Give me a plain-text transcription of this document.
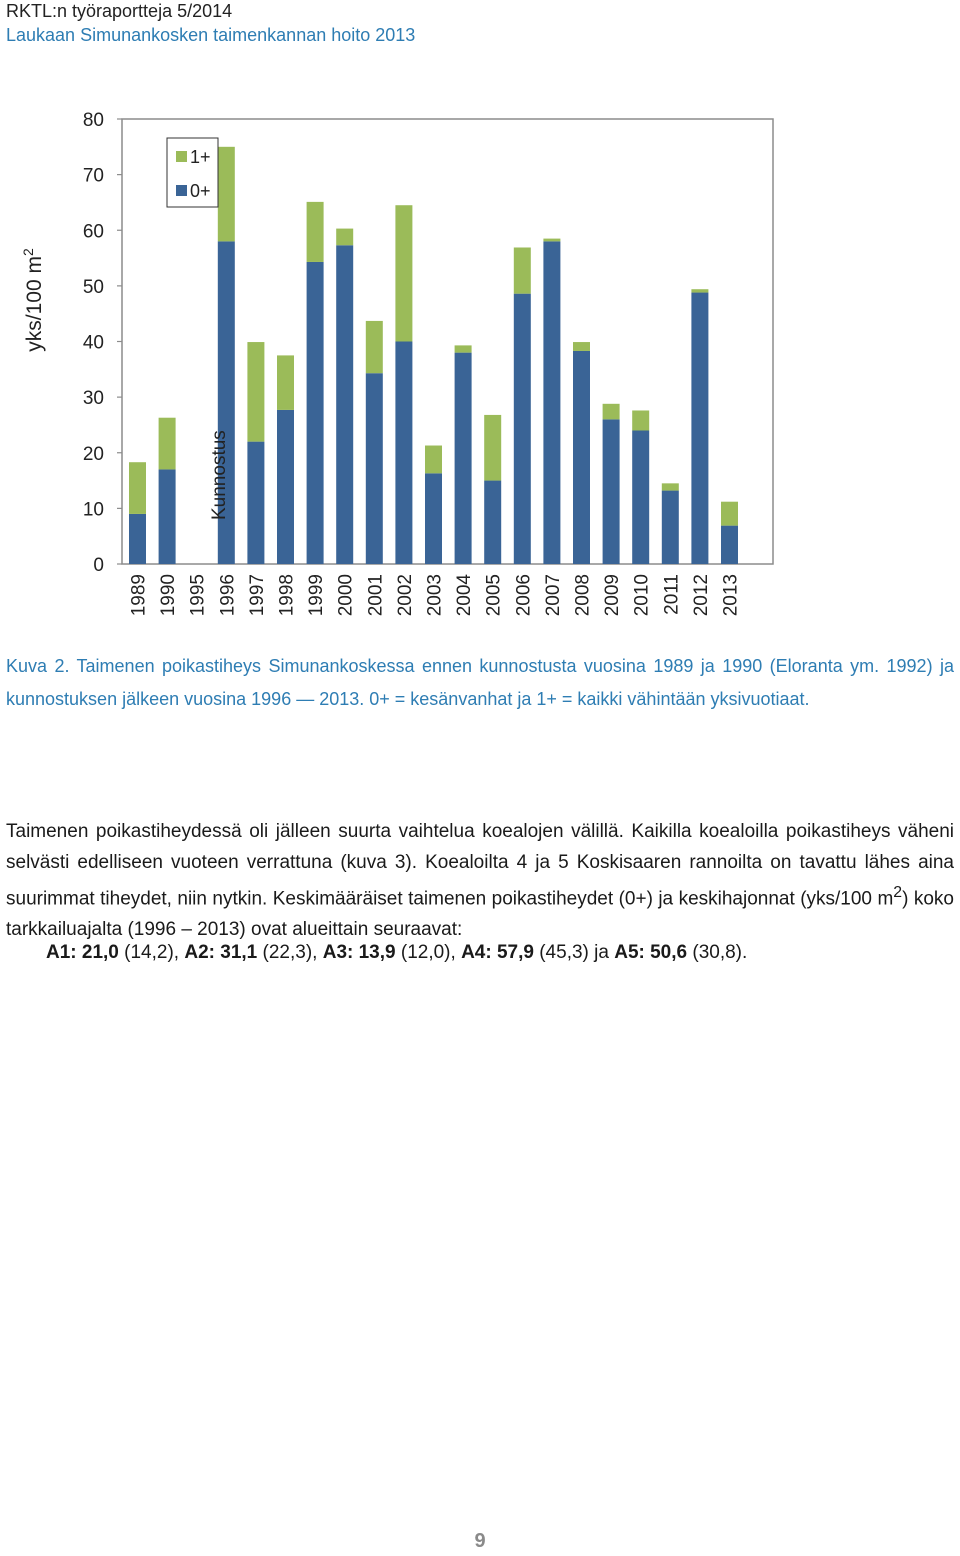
RKTL:n työraportteja 5/2014
Laukaan Simunankosken taimenkannan hoito 2013
0
10
20
30
40
50
60
70
80
yks/100 $m^2$
1989 1990 1995 1996 1997 1998 1999 2000 2001 2002 2003 2004 2005 2006 2007 2008 2009 2010 2011 2012 2013
Kunnostus
1+
0+
Kuva 2. Taimenen poikastiheys Simunankoskessa ennen kunnostusta vuosina 1989 ja 1990 (Eloranta ym. 1992) ja kunnostuksen jälkeen vuosina 1996 — 2013. 0+ = kesänvanhat ja 1+ = kaikki vähintään yksivuotiaat.
Taimenen poikastiheydessä oli jälleen suurta vaihtelua koealojen välillä. Kaikilla koealoilla poikastiheys väheni selvästi edelliseen vuoteen verrattuna (kuva 3). Koealoilta 4 ja 5 Koskisaaren rannoilta on tavattu lähes aina suurimmat tiheydet, niin nytkin. Keskimääräiset taimenen poikastiheydet (0+) ja keskihajonnat (yks/100 $m^2$) koko tarkkailuajalta (1996 – 2013) ovat alueittain seuraavat:
A1: 21,0 (14,2), A2: 31,1 (22,3), A3: 13,9 (12,0), A4: 57,9 (45,3) ja A5: 50,6 (30,8).
9
